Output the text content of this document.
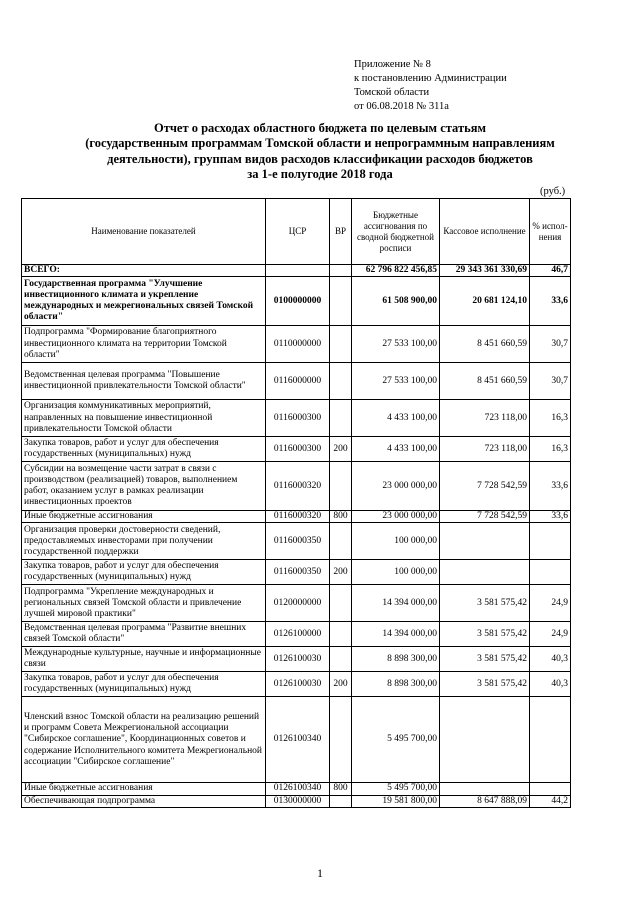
Приложение № 8
к постановлению Администрации
Томской области
от 06.08.2018 № 311а
Отчет о расходах областного бюджета по целевым статьям
(государственным программам Томской области и непрограммным направлениям
деятельности), группам видов расходов классификации расходов бюджетов
за 1-е полугодие 2018 года
(руб.)
Наименование показателей	ЦСР	ВР	Бюджетные ассигнования по сводной бюджетной росписи	Кассовое исполнение	% испол-нения
ВСЕГО:			62 796 822 456,85	29 343 361 330,69	46,7
Государственная программа "Улучшение инвестиционного климата и укрепление международных и межрегиональных связей Томской области"	0100000000		61 508 900,00	20 681 124,10	33,6
Подпрограмма "Формирование благоприятного инвестиционного климата на территории Томской области"	0110000000		27 533 100,00	8 451 660,59	30,7
Ведомственная целевая программа "Повышение инвестиционной привлекательности Томской области"	0116000000		27 533 100,00	8 451 660,59	30,7
Организация коммуникативных мероприятий, направленных на повышение инвестиционной привлекательности Томской области	0116000300		4 433 100,00	723 118,00	16,3
Закупка товаров, работ и услуг для обеспечения государственных (муниципальных) нужд	0116000300	200	4 433 100,00	723 118,00	16,3
Субсидии на возмещение части затрат в связи с производством (реализацией) товаров, выполнением работ, оказанием услуг в рамках реализации инвестиционных проектов	0116000320		23 000 000,00	7 728 542,59	33,6
Иные бюджетные ассигнования	0116000320	800	23 000 000,00	7 728 542,59	33,6
Организация проверки достоверности сведений, предоставляемых инвесторами при получении государственной поддержки	0116000350		100 000,00		
Закупка товаров, работ и услуг для обеспечения государственных (муниципальных) нужд	0116000350	200	100 000,00		
Подпрограмма "Укрепление международных и региональных связей Томской области и привлечение лучшей мировой практики"	0120000000		14 394 000,00	3 581 575,42	24,9
Ведомственная целевая программа "Развитие внешних связей Томской области"	0126100000		14 394 000,00	3 581 575,42	24,9
Международные культурные, научные и информационные связи	0126100030		8 898 300,00	3 581 575,42	40,3
Закупка товаров, работ и услуг для обеспечения государственных (муниципальных) нужд	0126100030	200	8 898 300,00	3 581 575,42	40,3
Членский взнос Томской области на реализацию решений и программ Совета Межрегиональной ассоциации "Сибирское соглашение", Координационных советов и содержание Исполнительного комитета Межрегиональной ассоциации "Сибирское соглашение"	0126100340		5 495 700,00		
Иные бюджетные ассигнования	0126100340	800	5 495 700,00		
Обеспечивающая подпрограмма	0130000000		19 581 800,00	8 647 888,09	44,2
1
